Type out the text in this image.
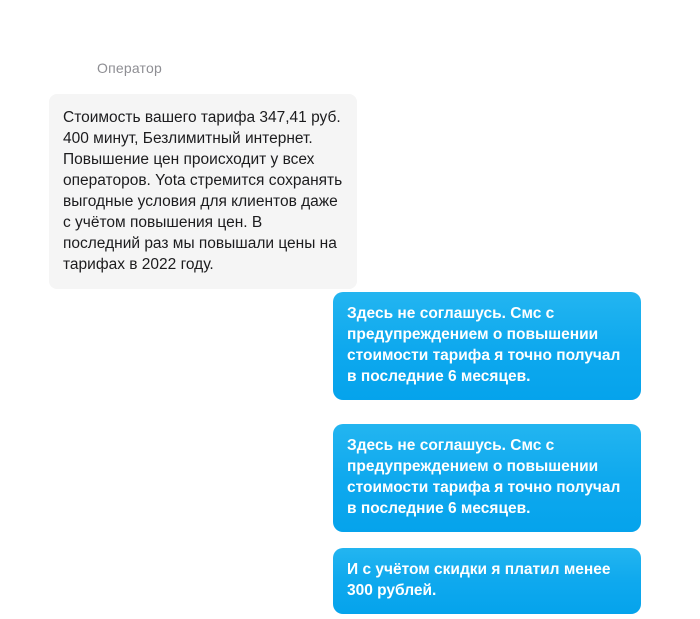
Оператор

Стоимость вашего тарифа 347,41 руб. 400 минут, Безлимитный интернет. Повышение цен происходит у всех операторов. Yota стремится сохранять выгодные условия для клиентов даже с учётом повышения цен. В последний раз мы повышали цены на тарифах в 2022 году.

Здесь не соглашусь. Смс с предупреждением о повышении стоимости тарифа я точно получал в последние 6 месяцев.

Здесь не соглашусь. Смс с предупреждением о повышении стоимости тарифа я точно получал в последние 6 месяцев.

И с учётом скидки я платил менее 300 рублей.
